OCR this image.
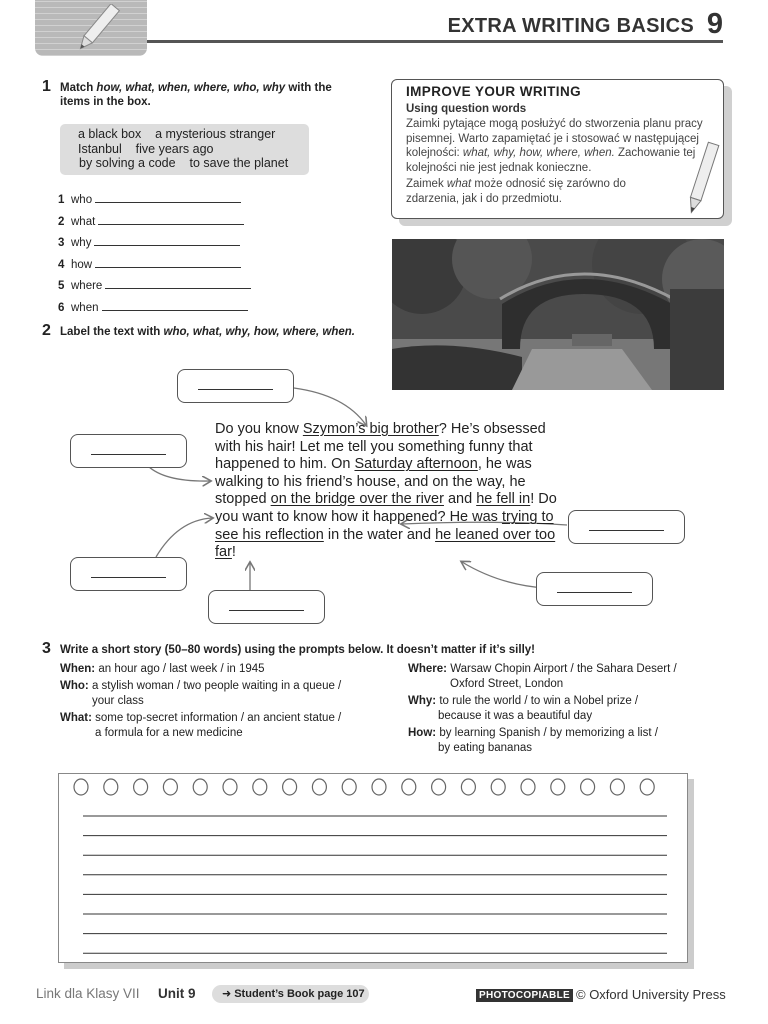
EXTRA WRITING BASICS 9
1 Match how, what, when, where, who, why with the items in the box.
a black box    a mysterious stranger
Istanbul    five years ago
by solving a code    to save the planet
1 who
2 what
3 why
4 how
5 where
6 when
IMPROVE YOUR WRITING
Using question words

Zaimki pytające mogą posłużyć do stworzenia planu pracy pisemnej. Warto zapamiętać je i stosować w następującej kolejności: what, why, how, where, when. Zachowanie tej kolejności nie jest jednak konieczne.

Zaimek what może odnosić się zarówno do zdarzenia, jak i do przedmiotu.

2 Label the text with who, what, why, how, where, when.
Do you know Szymon’s big brother? He’s obsessed with his hair! Let me tell you something funny that happened to him. On Saturday afternoon, he was walking to his friend’s house, and on the way, he stopped on the bridge over the river and he fell in! Do you want to know how it happened? He was trying to see his reflection in the water and he leaned over too far!
3 Write a short story (50–80 words) using the prompts below. It doesn’t matter if it’s silly!
When: an hour ago / last week / in 1945
Who: a stylish woman / two people waiting in a queue /
your class
What: some top-secret information / an ancient statue /
a formula for a new medicine
Where: Warsaw Chopin Airport / the Sahara Desert /
Oxford Street, London
Why: to rule the world / to win a Nobel prize /
because it was a beautiful day
How: by learning Spanish / by memorizing a list /
by eating bananas
Link dla Klasy VII Unit 9	➜ Student’s Book page 107	PHOTOCOPIABLE © Oxford University Press
